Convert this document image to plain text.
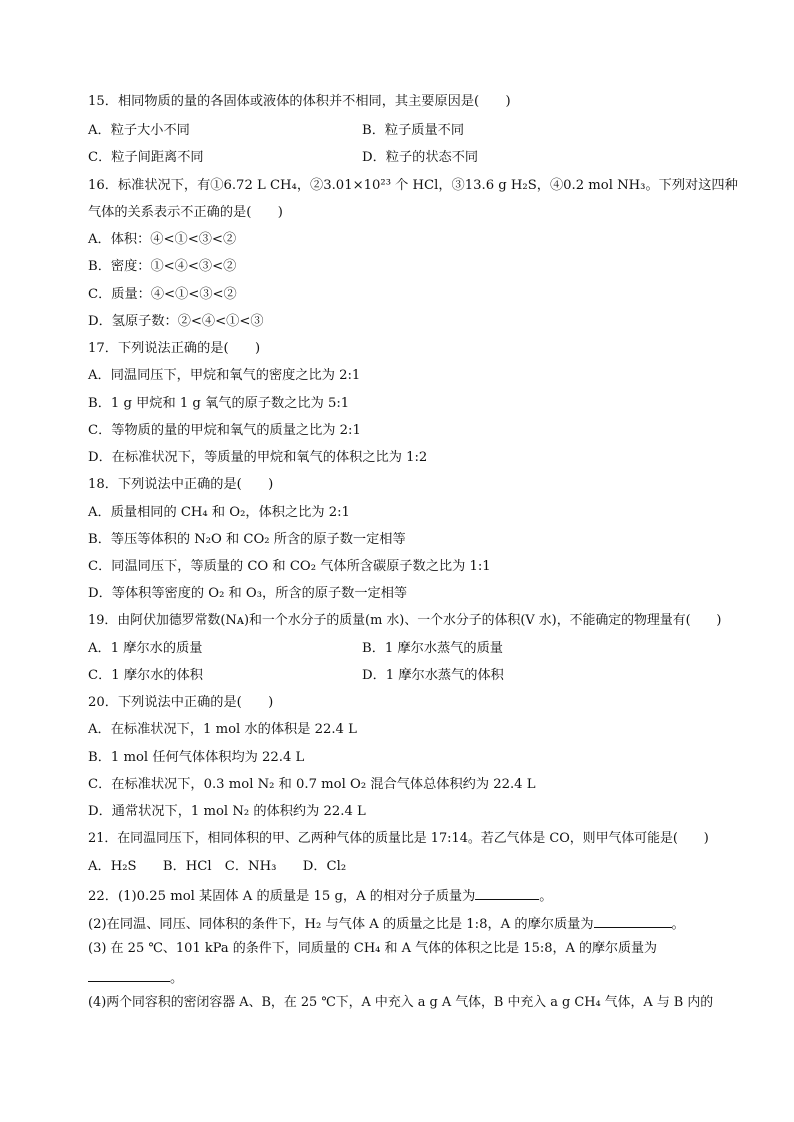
15．相同物质的量的各固体或液体的体积并不相同，其主要原因是(　　)
A．粒子大小不同	B．粒子质量不同
C．粒子间距离不同	D．粒子的状态不同
16．标准状况下，有①6.72 L CH₄，②3.01×10²³ 个 HCl，③13.6 g H₂S，④0.2 mol NH₃。下列对这四种
气体的关系表示不正确的是(　　)
A．体积：④<①<③<②
B．密度：①<④<③<②
C．质量：④<①<③<②
D．氢原子数：②<④<①<③
17．下列说法正确的是(　　)
A．同温同压下，甲烷和氧气的密度之比为 2:1
B．1 g 甲烷和 1 g 氧气的原子数之比为 5:1
C．等物质的量的甲烷和氧气的质量之比为 2:1
D．在标准状况下，等质量的甲烷和氧气的体积之比为 1:2
18．下列说法中正确的是(　　)
A．质量相同的 CH₄ 和 O₂，体积之比为 2:1
B．等压等体积的 N₂O 和 CO₂ 所含的原子数一定相等
C．同温同压下，等质量的 CO 和 CO₂ 气体所含碳原子数之比为 1:1
D．等体积等密度的 O₂ 和 O₃，所含的原子数一定相等
19．由阿伏加德罗常数(Nᴀ)和一个水分子的质量(m 水)、一个水分子的体积(V 水)，不能确定的物理量有(　　)
A．1 摩尔水的质量	B．1 摩尔水蒸气的质量
C．1 摩尔水的体积	D．1 摩尔水蒸气的体积
20．下列说法中正确的是(　　)
A．在标准状况下，1 mol 水的体积是 22.4 L
B．1 mol 任何气体体积均为 22.4 L
C．在标准状况下，0.3 mol N₂ 和 0.7 mol O₂ 混合气体总体积约为 22.4 L
D．通常状况下，1 mol N₂ 的体积约为 22.4 L
21．在同温同压下，相同体积的甲、乙两种气体的质量比是 17:14。若乙气体是 CO，则甲气体可能是(　　)
A．H₂S　　B．HCl　C．NH₃　　D．Cl₂
22．(1)0.25 mol 某固体 A 的质量是 15 g，A 的相对分子质量为	。
(2)在同温、同压、同体积的条件下，H₂ 与气体 A 的质量之比是 1:8，A 的摩尔质量为	。
(3) 在 25 ℃、101 kPa 的条件下，同质量的 CH₄ 和 A 气体的体积之比是 15:8，A 的摩尔质量为
。
(4)两个同容积的密闭容器 A、B，在 25 ℃下，A 中充入 a g A 气体，B 中充入 a g CH₄ 气体，A 与 B 内的
